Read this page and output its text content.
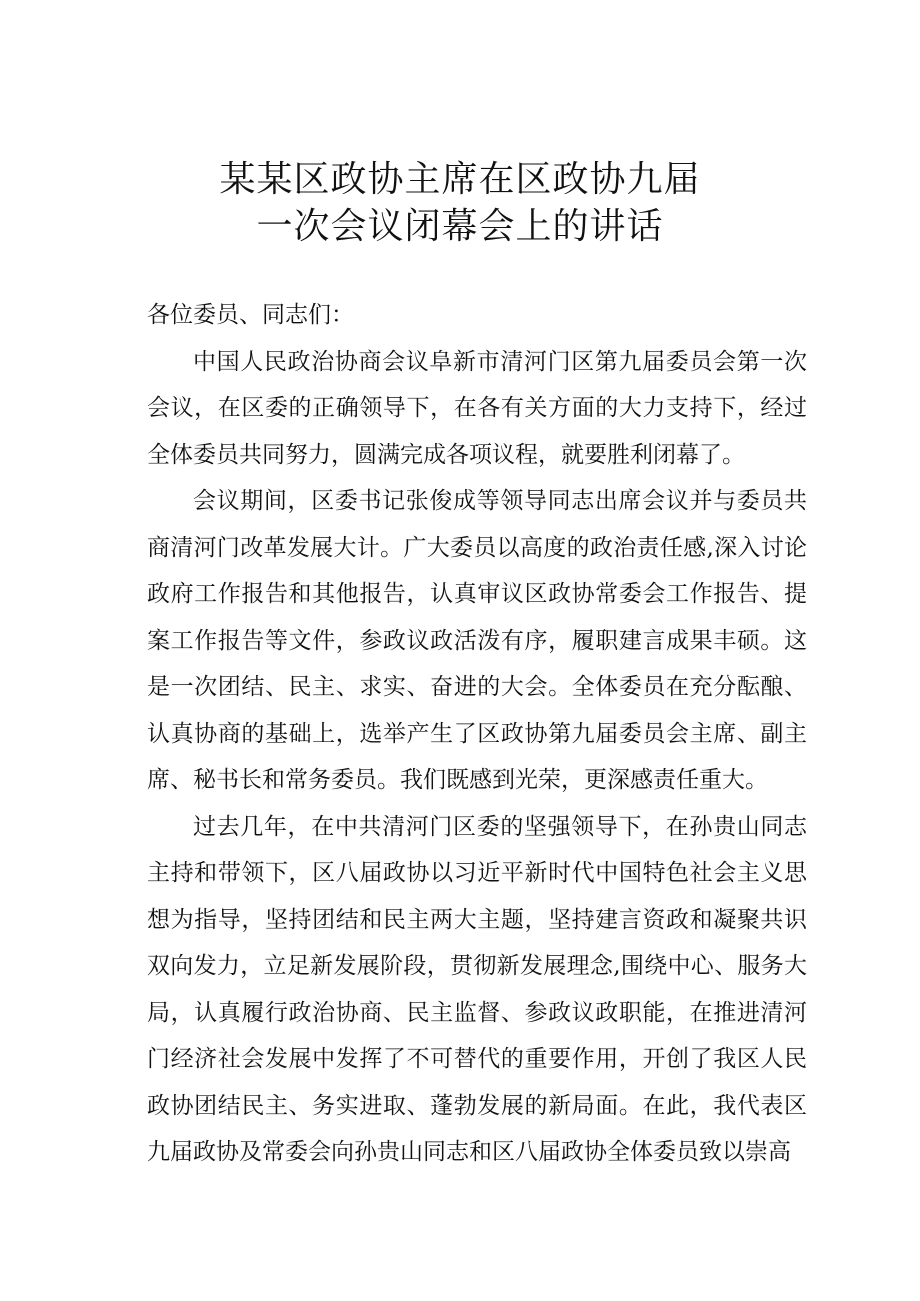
某某区政协主席在区政协九届
一次会议闭幕会上的讲话

各位委员、同志们：

中国人民政治协商会议阜新市清河门区第九届委员会第一次会议，在区委的正确领导下，在各有关方面的大力支持下，经过全体委员共同努力，圆满完成各项议程，就要胜利闭幕了。

会议期间，区委书记张俊成等领导同志出席会议并与委员共商清河门改革发展大计。广大委员以高度的政治责任感,深入讨论政府工作报告和其他报告，认真审议区政协常委会工作报告、提案工作报告等文件，参政议政活泼有序，履职建言成果丰硕。这是一次团结、民主、求实、奋进的大会。全体委员在充分酝酿、认真协商的基础上，选举产生了区政协第九届委员会主席、副主席、秘书长和常务委员。我们既感到光荣，更深感责任重大。

过去几年，在中共清河门区委的坚强领导下，在孙贵山同志主持和带领下，区八届政协以习近平新时代中国特色社会主义思想为指导，坚持团结和民主两大主题，坚持建言资政和凝聚共识双向发力，立足新发展阶段，贯彻新发展理念,围绕中心、服务大局，认真履行政治协商、民主监督、参政议政职能，在推进清河门经济社会发展中发挥了不可替代的重要作用，开创了我区人民政协团结民主、务实进取、蓬勃发展的新局面。在此，我代表区九届政协及常委会向孙贵山同志和区八届政协全体委员致以崇高
